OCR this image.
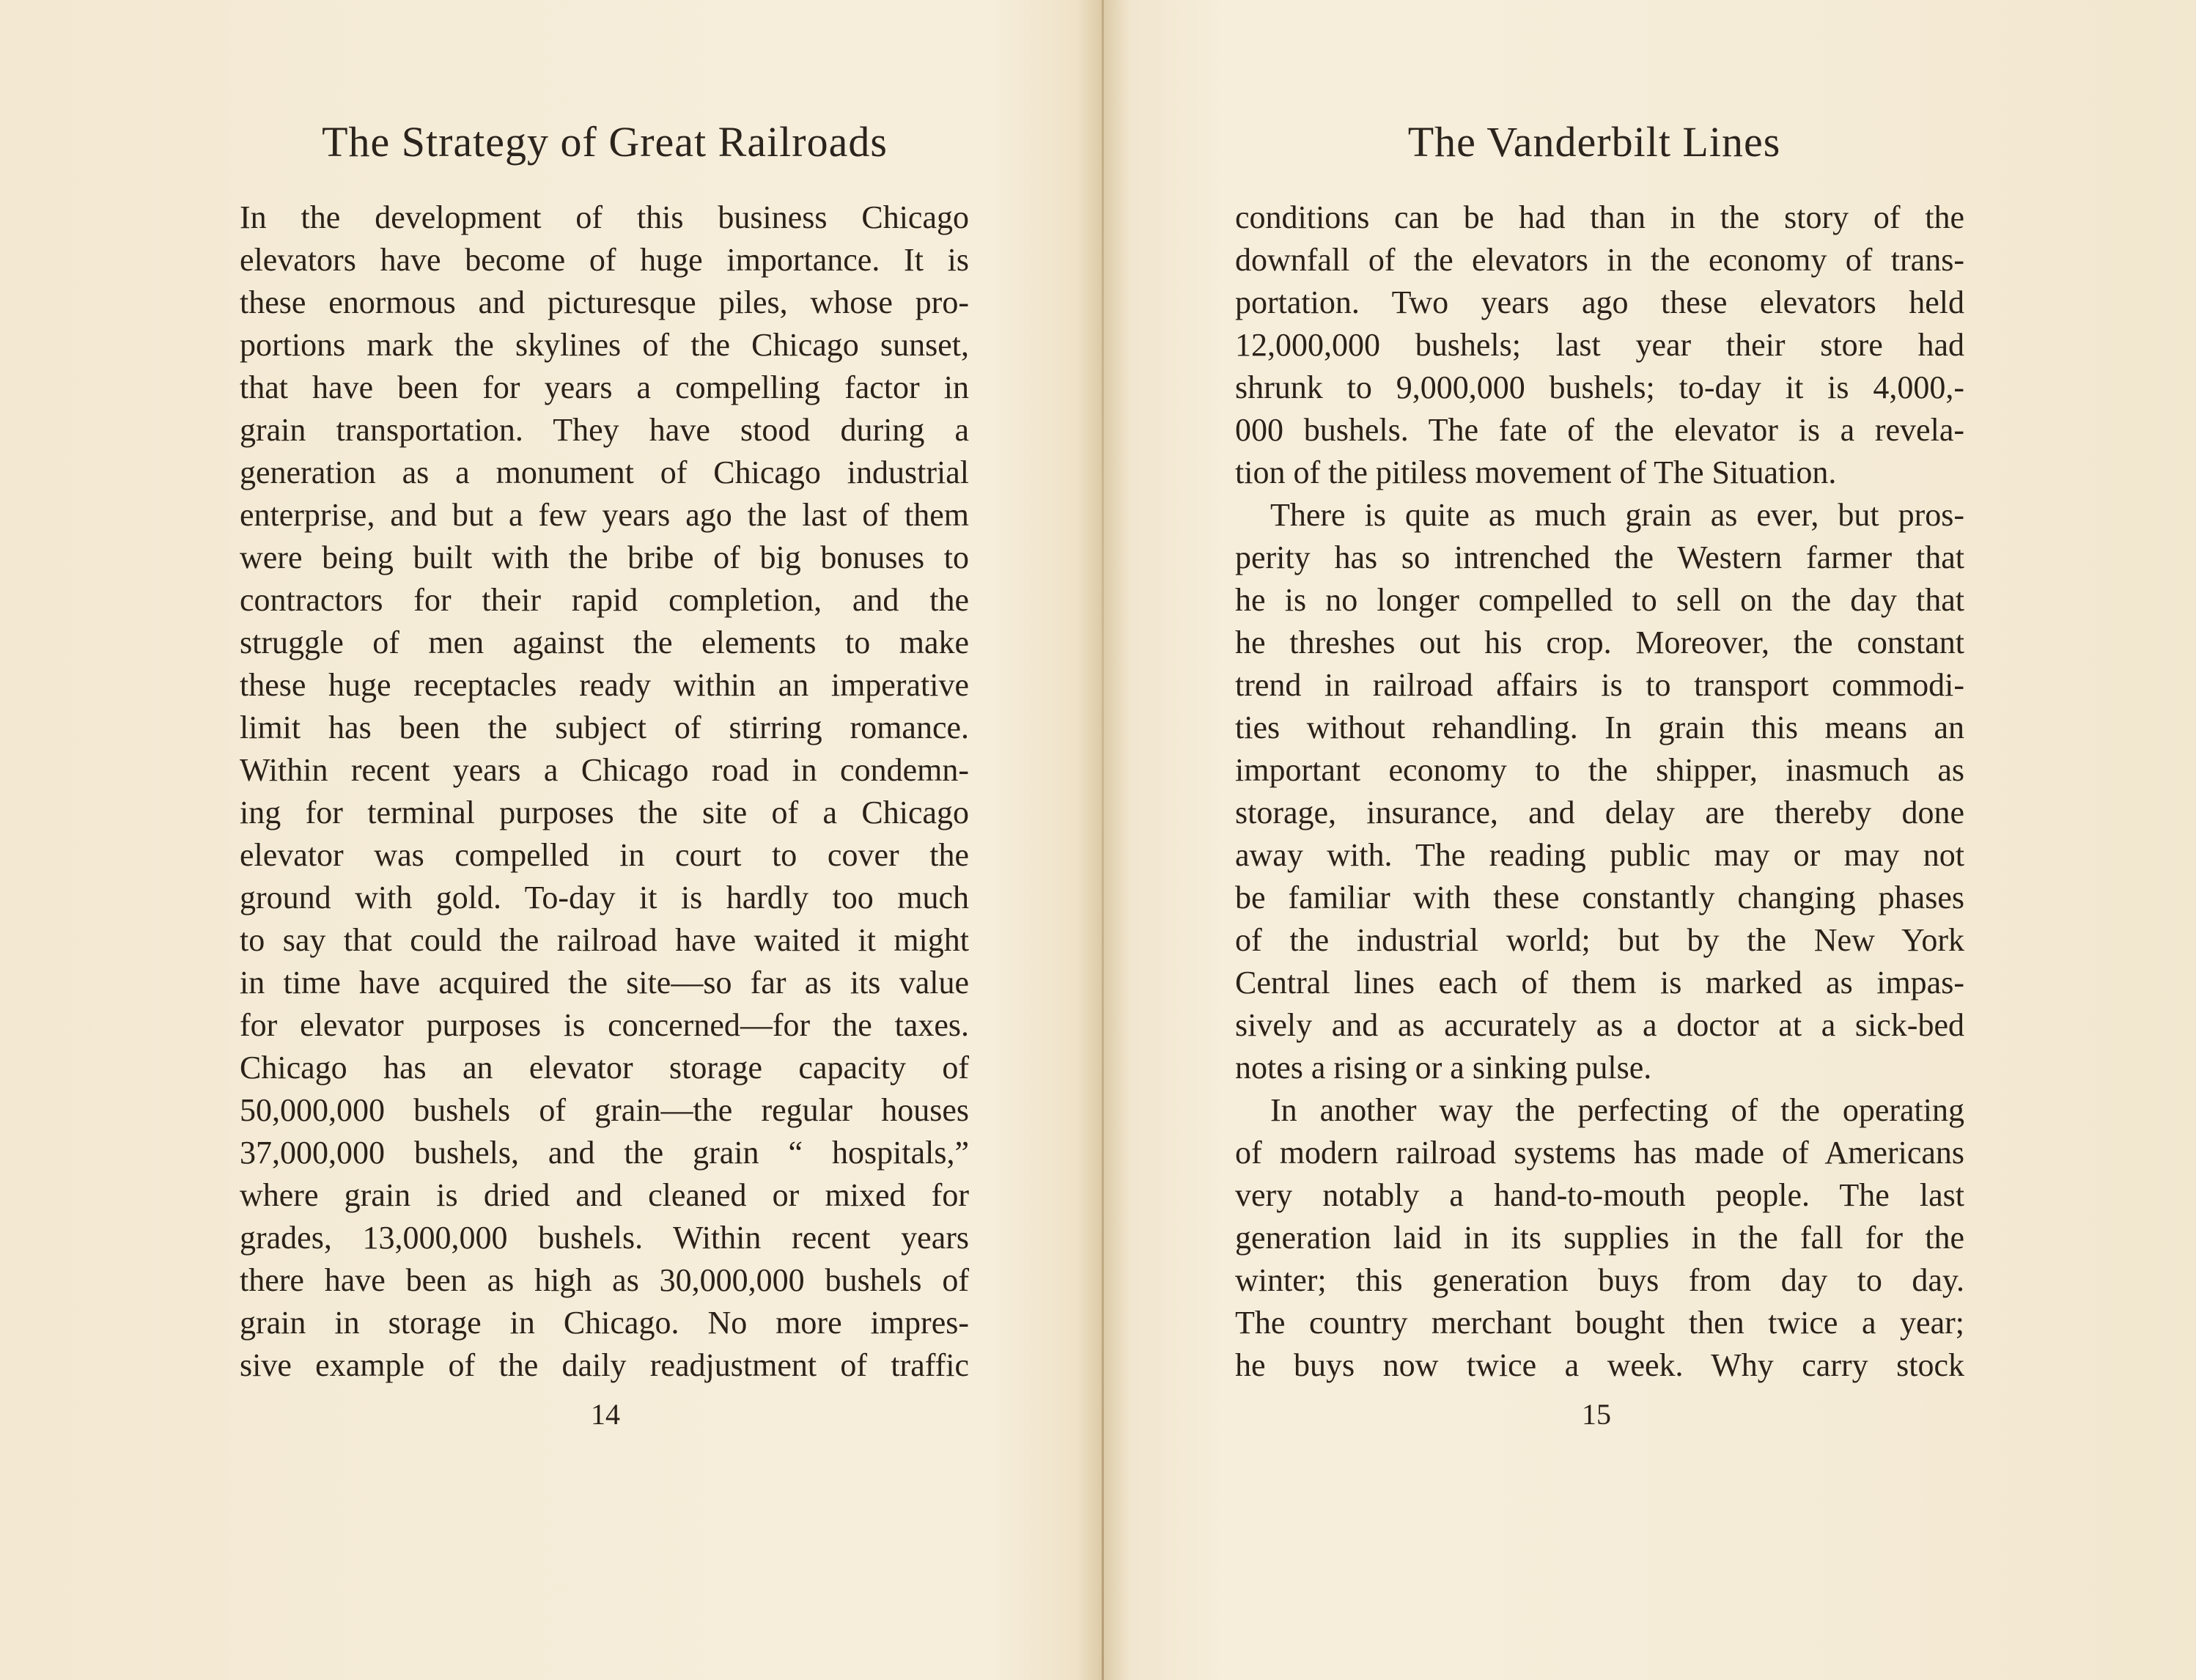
The Strategy of Great Railroads
In the development of this business Chicago
elevators have become of huge importance. It is
these enormous and picturesque piles, whose pro-
portions mark the skylines of the Chicago sunset,
that have been for years a compelling factor in
grain transportation. They have stood during a
generation as a monument of Chicago industrial
enterprise, and but a few years ago the last of them
were being built with the bribe of big bonuses to
contractors for their rapid completion, and the
struggle of men against the elements to make
these huge receptacles ready within an imperative
limit has been the subject of stirring romance.
Within recent years a Chicago road in condemn-
ing for terminal purposes the site of a Chicago
elevator was compelled in court to cover the
ground with gold. To-day it is hardly too much
to say that could the railroad have waited it might
in time have acquired the site—so far as its value
for elevator purposes is concerned—for the taxes.
Chicago has an elevator storage capacity of
50,000,000 bushels of grain—the regular houses
37,000,000 bushels, and the grain “ hospitals,”
where grain is dried and cleaned or mixed for
grades, 13,000,000 bushels. Within recent years
there have been as high as 30,000,000 bushels of
grain in storage in Chicago. No more impres-
sive example of the daily readjustment of traffic
14
The Vanderbilt Lines
conditions can be had than in the story of the
downfall of the elevators in the economy of trans-
portation. Two years ago these elevators held
12,000,000 bushels; last year their store had
shrunk to 9,000,000 bushels; to-day it is 4,000,-
000 bushels. The fate of the elevator is a revela-
tion of the pitiless movement of The Situation.
There is quite as much grain as ever, but pros-
perity has so intrenched the Western farmer that
he is no longer compelled to sell on the day that
he threshes out his crop. Moreover, the constant
trend in railroad affairs is to transport commodi-
ties without rehandling. In grain this means an
important economy to the shipper, inasmuch as
storage, insurance, and delay are thereby done
away with. The reading public may or may not
be familiar with these constantly changing phases
of the industrial world; but by the New York
Central lines each of them is marked as impas-
sively and as accurately as a doctor at a sick-bed
notes a rising or a sinking pulse.
In another way the perfecting of the operating
of modern railroad systems has made of Americans
very notably a hand-to-mouth people. The last
generation laid in its supplies in the fall for the
winter; this generation buys from day to day.
The country merchant bought then twice a year;
he buys now twice a week. Why carry stock
15
